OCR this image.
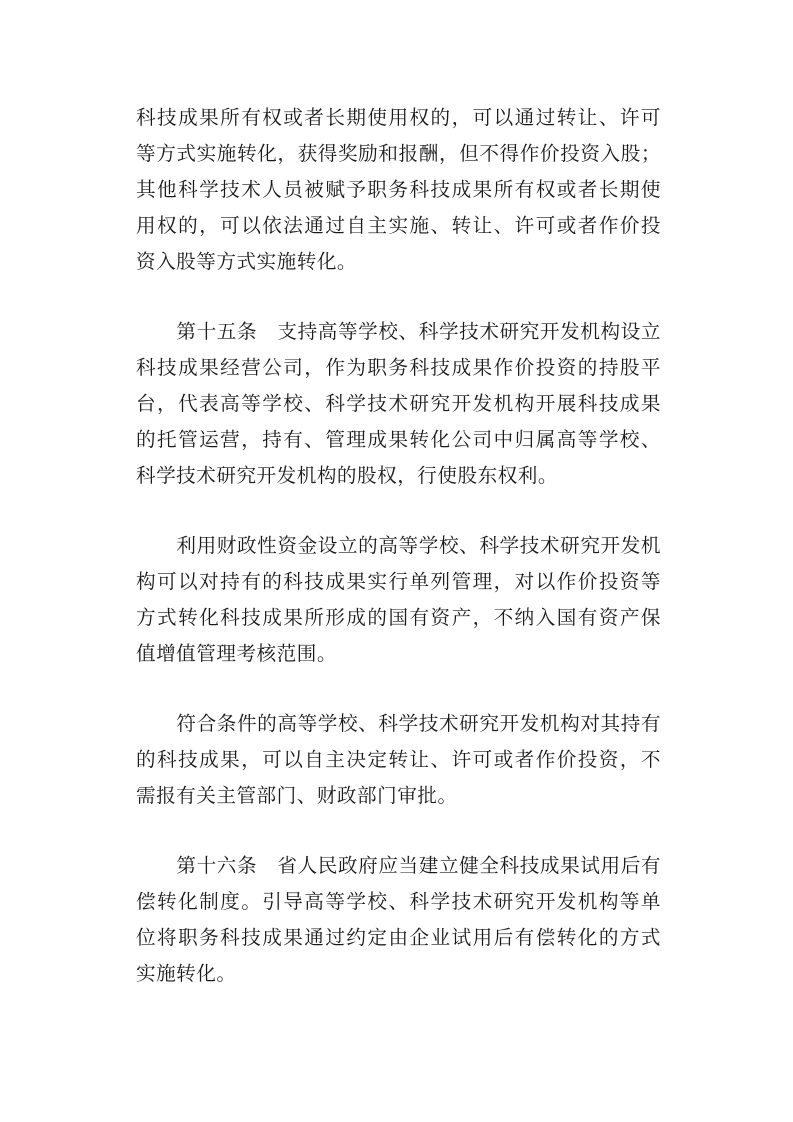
科技成果所有权或者长期使用权的，可以通过转让、许可
等方式实施转化，获得奖励和报酬，但不得作价投资入股；
其他科学技术人员被赋予职务科技成果所有权或者长期使
用权的，可以依法通过自主实施、转让、许可或者作价投
资入股等方式实施转化。
　　第十五条　支持高等学校、科学技术研究开发机构设立
科技成果经营公司，作为职务科技成果作价投资的持股平
台，代表高等学校、科学技术研究开发机构开展科技成果
的托管运营，持有、管理成果转化公司中归属高等学校、
科学技术研究开发机构的股权，行使股东权利。
　　利用财政性资金设立的高等学校、科学技术研究开发机
构可以对持有的科技成果实行单列管理，对以作价投资等
方式转化科技成果所形成的国有资产，不纳入国有资产保
值增值管理考核范围。
　　符合条件的高等学校、科学技术研究开发机构对其持有
的科技成果，可以自主决定转让、许可或者作价投资，不
需报有关主管部门、财政部门审批。
　　第十六条　省人民政府应当建立健全科技成果试用后有
偿转化制度。引导高等学校、科学技术研究开发机构等单
位将职务科技成果通过约定由企业试用后有偿转化的方式
实施转化。
